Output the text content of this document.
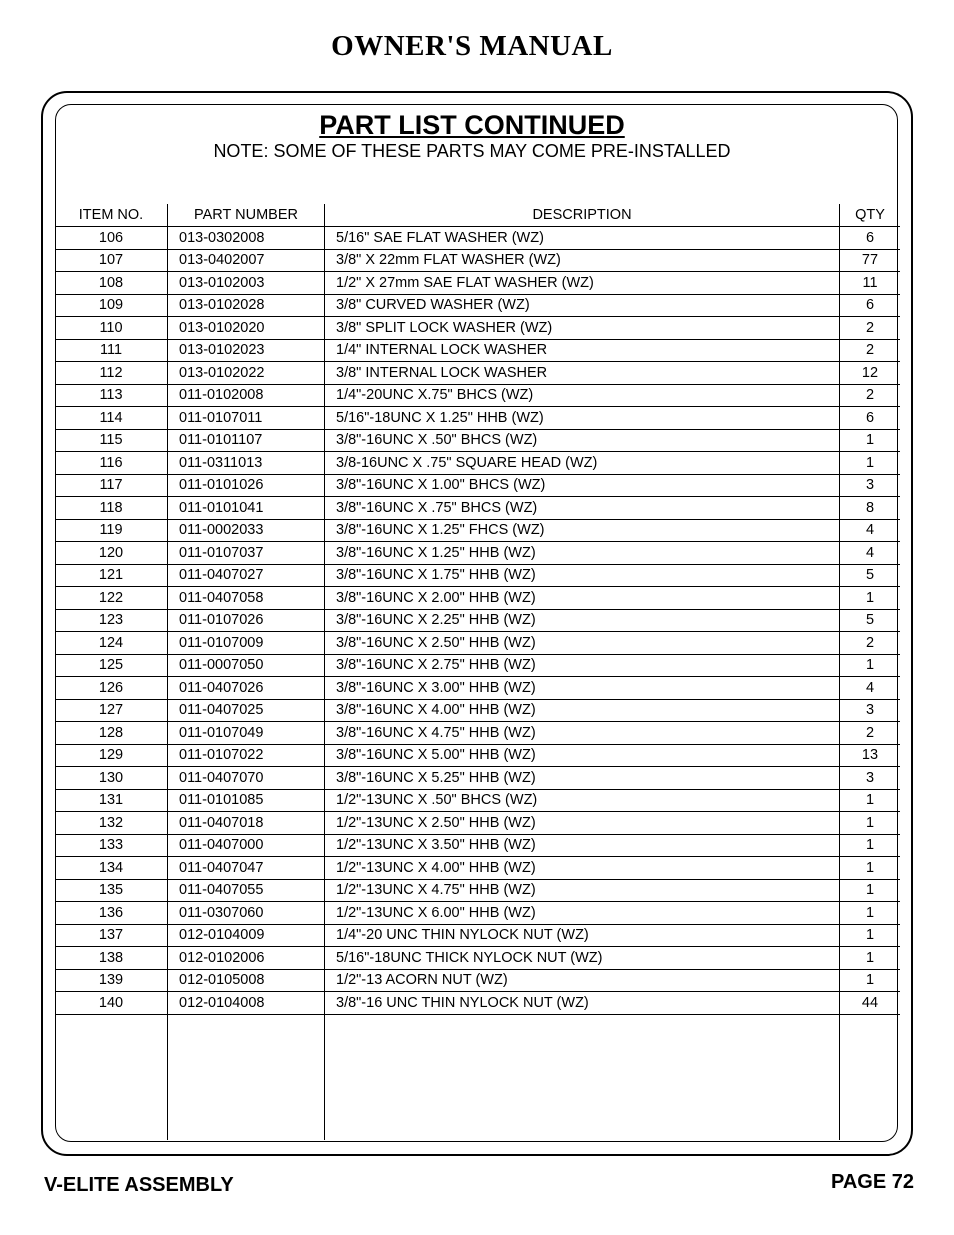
OWNER'S MANUAL
PART LIST CONTINUED
NOTE: SOME OF THESE PARTS MAY COME PRE-INSTALLED
ITEM NO.	PART NUMBER	DESCRIPTION	QTY
106	013-0302008	5/16" SAE FLAT WASHER (WZ)	6
107	013-0402007	3/8" X 22mm FLAT WASHER (WZ)	77
108	013-0102003	1/2" X 27mm SAE FLAT WASHER (WZ)	11
109	013-0102028	3/8" CURVED WASHER (WZ)	6
110	013-0102020	3/8" SPLIT LOCK WASHER (WZ)	2
111	013-0102023	1/4" INTERNAL LOCK WASHER	2
112	013-0102022	3/8" INTERNAL LOCK WASHER	12
113	011-0102008	1/4"-20UNC X.75" BHCS (WZ)	2
114	011-0107011	5/16"-18UNC X 1.25" HHB (WZ)	6
115	011-0101107	3/8"-16UNC X .50" BHCS (WZ)	1
116	011-0311013	3/8-16UNC X .75" SQUARE HEAD (WZ)	1
117	011-0101026	3/8"-16UNC X 1.00" BHCS (WZ)	3
118	011-0101041	3/8"-16UNC X .75" BHCS (WZ)	8
119	011-0002033	3/8"-16UNC X 1.25" FHCS (WZ)	4
120	011-0107037	3/8"-16UNC X 1.25" HHB (WZ)	4
121	011-0407027	3/8"-16UNC X 1.75" HHB (WZ)	5
122	011-0407058	3/8"-16UNC X 2.00" HHB (WZ)	1
123	011-0107026	3/8"-16UNC X 2.25" HHB (WZ)	5
124	011-0107009	3/8"-16UNC X 2.50" HHB (WZ)	2
125	011-0007050	3/8"-16UNC X 2.75" HHB (WZ)	1
126	011-0407026	3/8"-16UNC X 3.00" HHB (WZ)	4
127	011-0407025	3/8"-16UNC X 4.00" HHB (WZ)	3
128	011-0107049	3/8"-16UNC X 4.75" HHB (WZ)	2
129	011-0107022	3/8"-16UNC X 5.00" HHB (WZ)	13
130	011-0407070	3/8"-16UNC X 5.25" HHB (WZ)	3
131	011-0101085	1/2"-13UNC X .50" BHCS (WZ)	1
132	011-0407018	1/2"-13UNC X 2.50" HHB (WZ)	1
133	011-0407000	1/2"-13UNC X 3.50" HHB (WZ)	1
134	011-0407047	1/2"-13UNC X 4.00" HHB (WZ)	1
135	011-0407055	1/2"-13UNC X 4.75" HHB (WZ)	1
136	011-0307060	1/2"-13UNC X 6.00" HHB (WZ)	1
137	012-0104009	1/4"-20 UNC THIN NYLOCK NUT (WZ)	1
138	012-0102006	5/16"-18UNC THICK NYLOCK NUT (WZ)	1
139	012-0105008	1/2"-13 ACORN NUT (WZ)	1
140	012-0104008	3/8"-16 UNC THIN NYLOCK NUT (WZ)	44

V-ELITE ASSEMBLY	PAGE 72
